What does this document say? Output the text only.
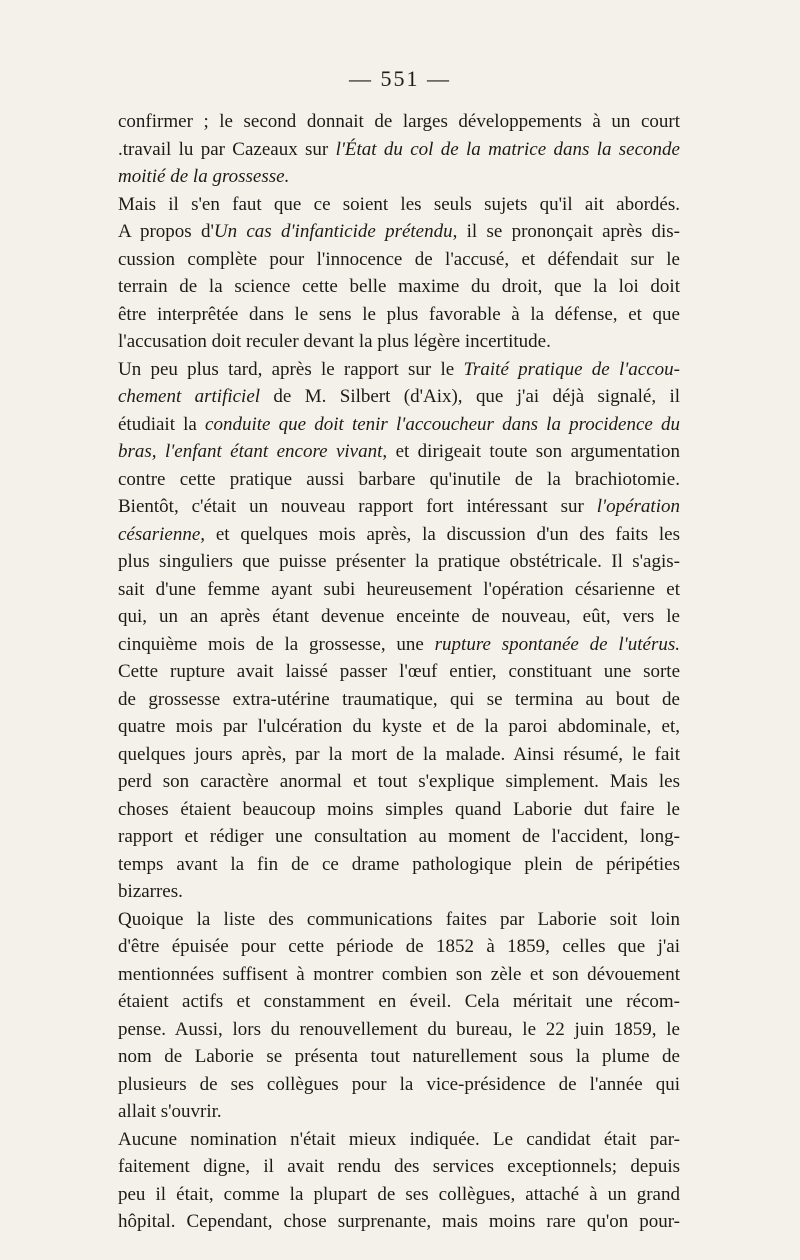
— 551 —
confirmer ; le second donnait de larges développements à un court
.travail lu par Cazeaux sur l'État du col de la matrice dans la seconde
moitié de la grossesse.
Mais il s'en faut que ce soient les seuls sujets qu'il ait abordés.
A propos d'Un cas d'infanticide prétendu, il se prononçait après dis-
cussion complète pour l'innocence de l'accusé, et défendait sur le
terrain de la science cette belle maxime du droit, que la loi doit
être interprêtée dans le sens le plus favorable à la défense, et que
l'accusation doit reculer devant la plus légère incertitude.
Un peu plus tard, après le rapport sur le Traité pratique de l'accou-
chement artificiel de M. Silbert (d'Aix), que j'ai déjà signalé, il
étudiait la conduite que doit tenir l'accoucheur dans la procidence du
bras, l'enfant étant encore vivant, et dirigeait toute son argumentation
contre cette pratique aussi barbare qu'inutile de la brachiotomie.
Bientôt, c'était un nouveau rapport fort intéressant sur l'opération
césarienne, et quelques mois après, la discussion d'un des faits les
plus singuliers que puisse présenter la pratique obstétricale. Il s'agis-
sait d'une femme ayant subi heureusement l'opération césarienne et
qui, un an après étant devenue enceinte de nouveau, eût, vers le
cinquième mois de la grossesse, une rupture spontanée de l'utérus.
Cette rupture avait laissé passer l'œuf entier, constituant une sorte
de grossesse extra-utérine traumatique, qui se termina au bout de
quatre mois par l'ulcération du kyste et de la paroi abdominale, et,
quelques jours après, par la mort de la malade. Ainsi résumé, le fait
perd son caractère anormal et tout s'explique simplement. Mais les
choses étaient beaucoup moins simples quand Laborie dut faire le
rapport et rédiger une consultation au moment de l'accident, long-
temps avant la fin de ce drame pathologique plein de péripéties
bizarres.
Quoique la liste des communications faites par Laborie soit loin
d'être épuisée pour cette période de 1852 à 1859, celles que j'ai
mentionnées suffisent à montrer combien son zèle et son dévouement
étaient actifs et constamment en éveil. Cela méritait une récom-
pense. Aussi, lors du renouvellement du bureau, le 22 juin 1859, le
nom de Laborie se présenta tout naturellement sous la plume de
plusieurs de ses collègues pour la vice-présidence de l'année qui
allait s'ouvrir.
Aucune nomination n'était mieux indiquée. Le candidat était par-
faitement digne, il avait rendu des services exceptionnels; depuis
peu il était, comme la plupart de ses collègues, attaché à un grand
hôpital. Cependant, chose surprenante, mais moins rare qu'on pour-
